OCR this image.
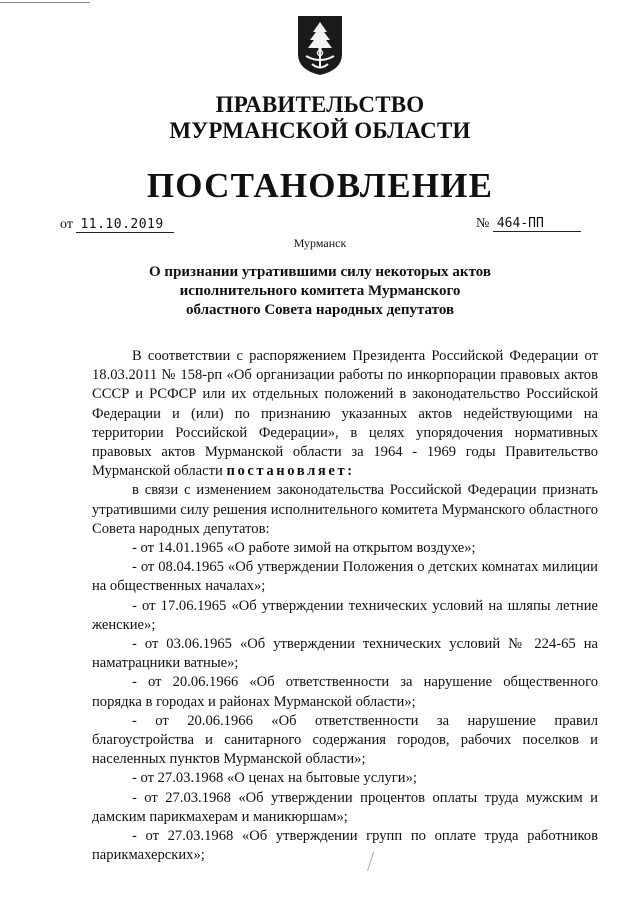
ПРАВИТЕЛЬСТВО
МУРМАНСКОЙ ОБЛАСТИ
ПОСТАНОВЛЕНИЕ
от 11.10.2019	№ 464-ПП
Мурманск
О признании утратившими силу некоторых актов
исполнительного комитета Мурманского
областного Совета народных депутатов

В соответствии с распоряжением Президента Российской Федерации от 18.03.2011 № 158-рп «Об организации работы по инкорпорации правовых актов СССР и РСФСР или их отдельных положений в законодательство Российской Федерации и (или) по признанию указанных актов недействующими на территории Российской Федерации», в целях упорядочения нормативных правовых актов Мурманской области за 1964 - 1969 годы Правительство Мурманской области постановляет:

в связи с изменением законодательства Российской Федерации признать утратившими силу решения исполнительного комитета Мурманского областного Совета народных депутатов:

- от 14.01.1965 «О работе зимой на открытом воздухе»;
- от 08.04.1965 «Об утверждении Положения о детских комнатах милиции на общественных началах»;
- от 17.06.1965 «Об утверждении технических условий на шляпы летние женские»;
- от 03.06.1965 «Об утверждении технических условий № 224-65 на наматрацники ватные»;
- от 20.06.1966 «Об ответственности за нарушение общественного порядка в городах и районах Мурманской области»;
- от 20.06.1966 «Об ответственности за нарушение правил благоустройства и санитарного содержания городов, рабочих поселков и населенных пунктов Мурманской области»;
- от 27.03.1968 «О ценах на бытовые услуги»;
- от 27.03.1968 «Об утверждении процентов оплаты труда мужским и дамским парикмахерам и маникюршам»;
- от 27.03.1968 «Об утверждении групп по оплате труда работников парикмахерских»;
